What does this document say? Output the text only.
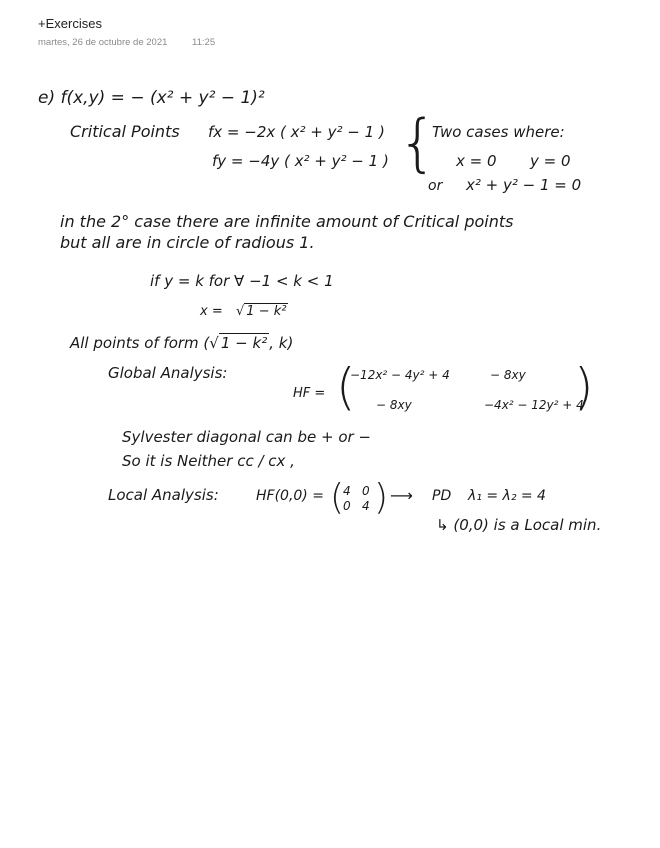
+Exercises
martes, 26 de octubre de 2021	11:25
e) f(x,y) = − (x² + y² − 1)²
Critical Points fx = −2x ( x² + y² − 1 )
fy = −4y ( x² + y² − 1 ) {
Two cases where:
x = 0 y = 0
or x² + y² − 1 = 0
in the 2° case there are infinite amount of Critical points
but all are in circle of radious 1.
if y = k for ∀ −1 < k < 1
x = √ 1 − k²
All points of form (√ 1 − k² , k)
Global Analysis:
HF = (
−12x² − 4y² + 4	− 8xy
− 8xy	−4x² − 12y² + 4
)
Sylvester diagonal can be + or −
So it is Neither cc / cx ,
Local Analysis:	HF(0,0) = (
4 0
0 4 ) ⟶ PD λ₁ = λ₂ = 4
↳ (0,0) is a Local min.
